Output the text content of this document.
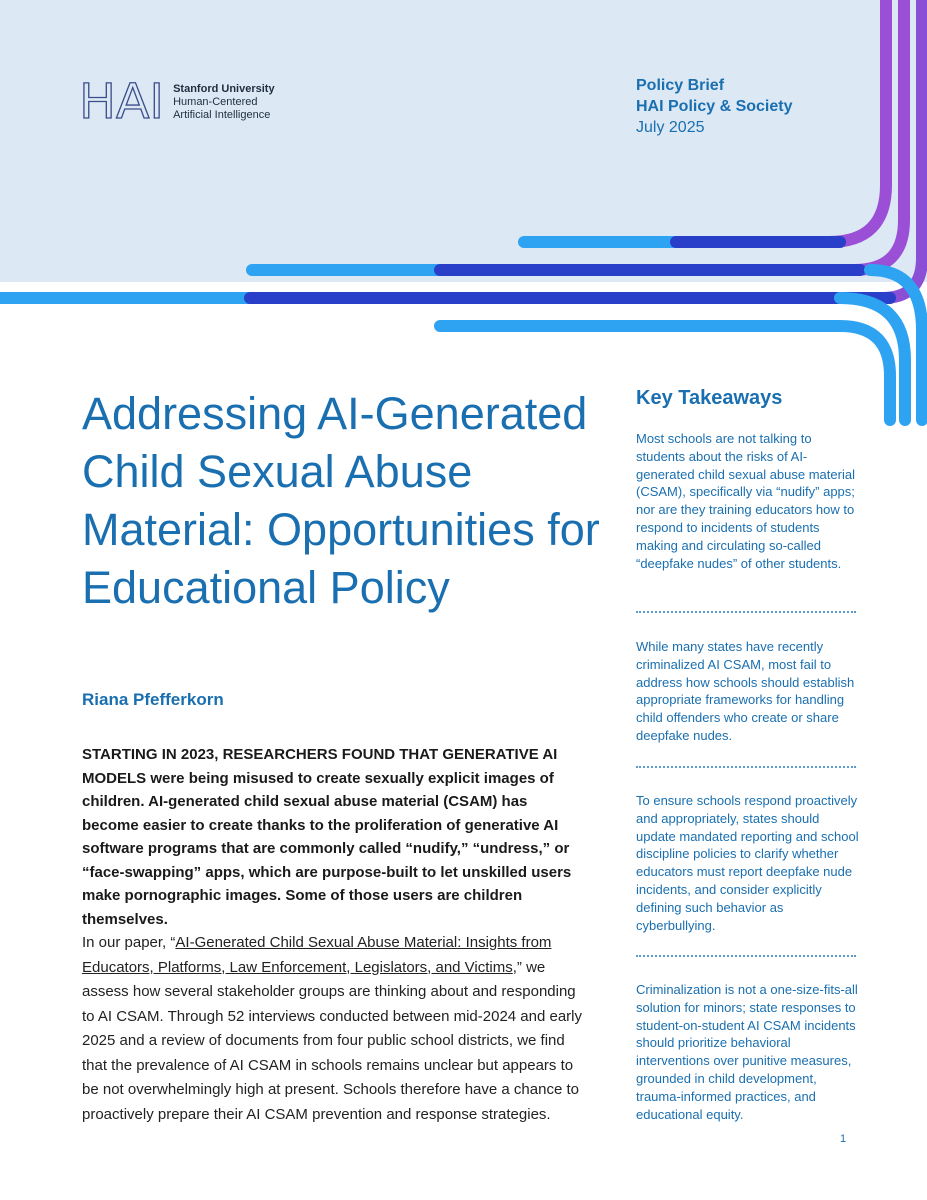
HAI Stanford University
Human-Centered
Artificial Intelligence
Policy Brief
HAI Policy & Society
July 2025
Addressing AI-Generated Child Sexual Abuse Material: Opportunities for Educational Policy
Riana Pfefferkorn
STARTING IN 2023, RESEARCHERS FOUND THAT GENERATIVE AI MODELS were being misused to create sexually explicit images of children. AI-generated child sexual abuse material (CSAM) has become easier to create thanks to the proliferation of generative AI software programs that are commonly called “nudify,” “undress,” or “face-swapping” apps, which are purpose-built to let unskilled users make pornographic images. Some of those users are children themselves.
In our paper, “AI-Generated Child Sexual Abuse Material: Insights from Educators, Platforms, Law Enforcement, Legislators, and Victims,” we assess how several stakeholder groups are thinking about and responding to AI CSAM. Through 52 interviews conducted between mid-2024 and early 2025 and a review of documents from four public school districts, we find that the prevalence of AI CSAM in schools remains unclear but appears to be not overwhelmingly high at present. Schools therefore have a chance to proactively prepare their AI CSAM prevention and response strategies.
Key Takeaways
Most schools are not talking to students about the risks of AI-generated child sexual abuse material (CSAM), specifically via “nudify” apps; nor are they training educators how to respond to incidents of students making and circulating so-called “deepfake nudes” of other students.
While many states have recently criminalized AI CSAM, most fail to address how schools should establish appropriate frameworks for handling child offenders who create or share deepfake nudes.
To ensure schools respond proactively and appropriately, states should update mandated reporting and school discipline policies to clarify whether educators must report deepfake nude incidents, and consider explicitly defining such behavior as cyberbullying.
Criminalization is not a one-size-fits-all solution for minors; state responses to student-on-student AI CSAM incidents should prioritize behavioral interventions over punitive measures, grounded in child development, trauma-informed practices, and educational equity.
1
